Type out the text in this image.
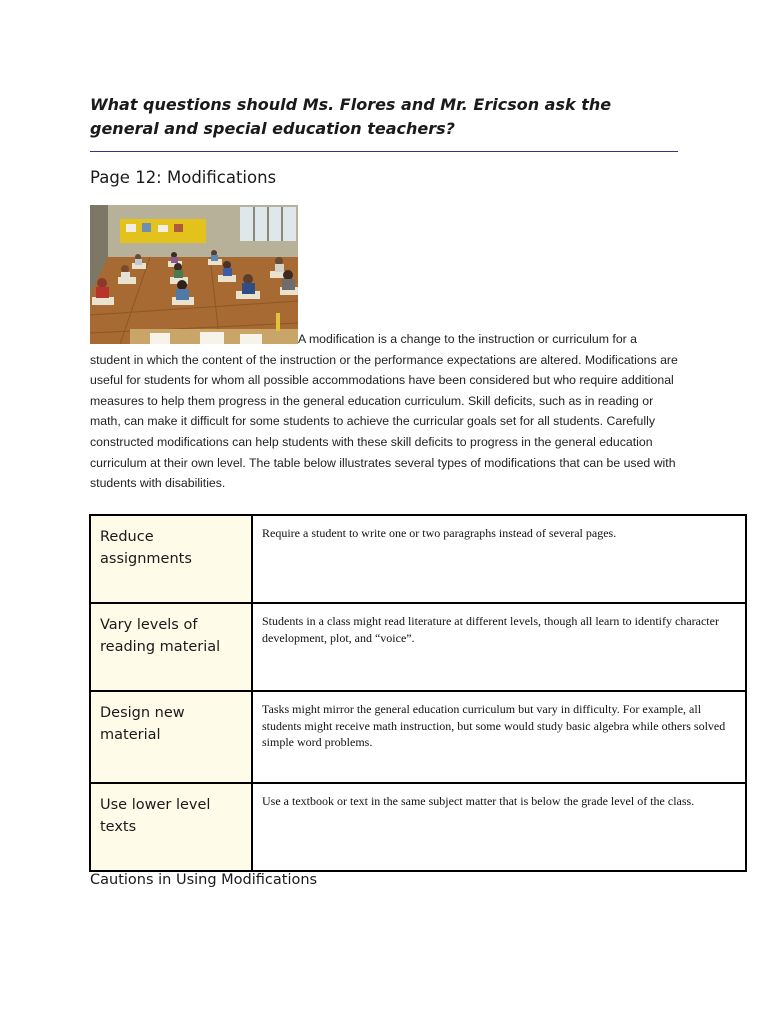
What questions should Ms. Flores and Mr. Ericson ask the general and special education teachers?
Page 12: Modifications
A modification is a change to the instruction or curriculum for a student in which the content of the instruction or the performance expectations are altered. Modifications are useful for students for whom all possible accommodations have been considered but who require additional measures to help them progress in the general education curriculum. Skill deficits, such as in reading or math, can make it difficult for some students to achieve the curricular goals set for all students. Carefully constructed modifications can help students with these skill deficits to progress in the general education curriculum at their own level. The table below illustrates several types of modifications that can be used with students with disabilities.
Reduce assignments	Require a student to write one or two paragraphs instead of several pages.
Vary levels of reading material	Students in a class might read literature at different levels, though all learn to identify character development, plot, and “voice”.
Design new material	Tasks might mirror the general education curriculum but vary in difficulty. For example, all students might receive math instruction, but some would study basic algebra while others solved simple word problems.
Use lower level texts	Use a textbook or text in the same subject matter that is below the grade level of the class.
Cautions in Using Modifications
